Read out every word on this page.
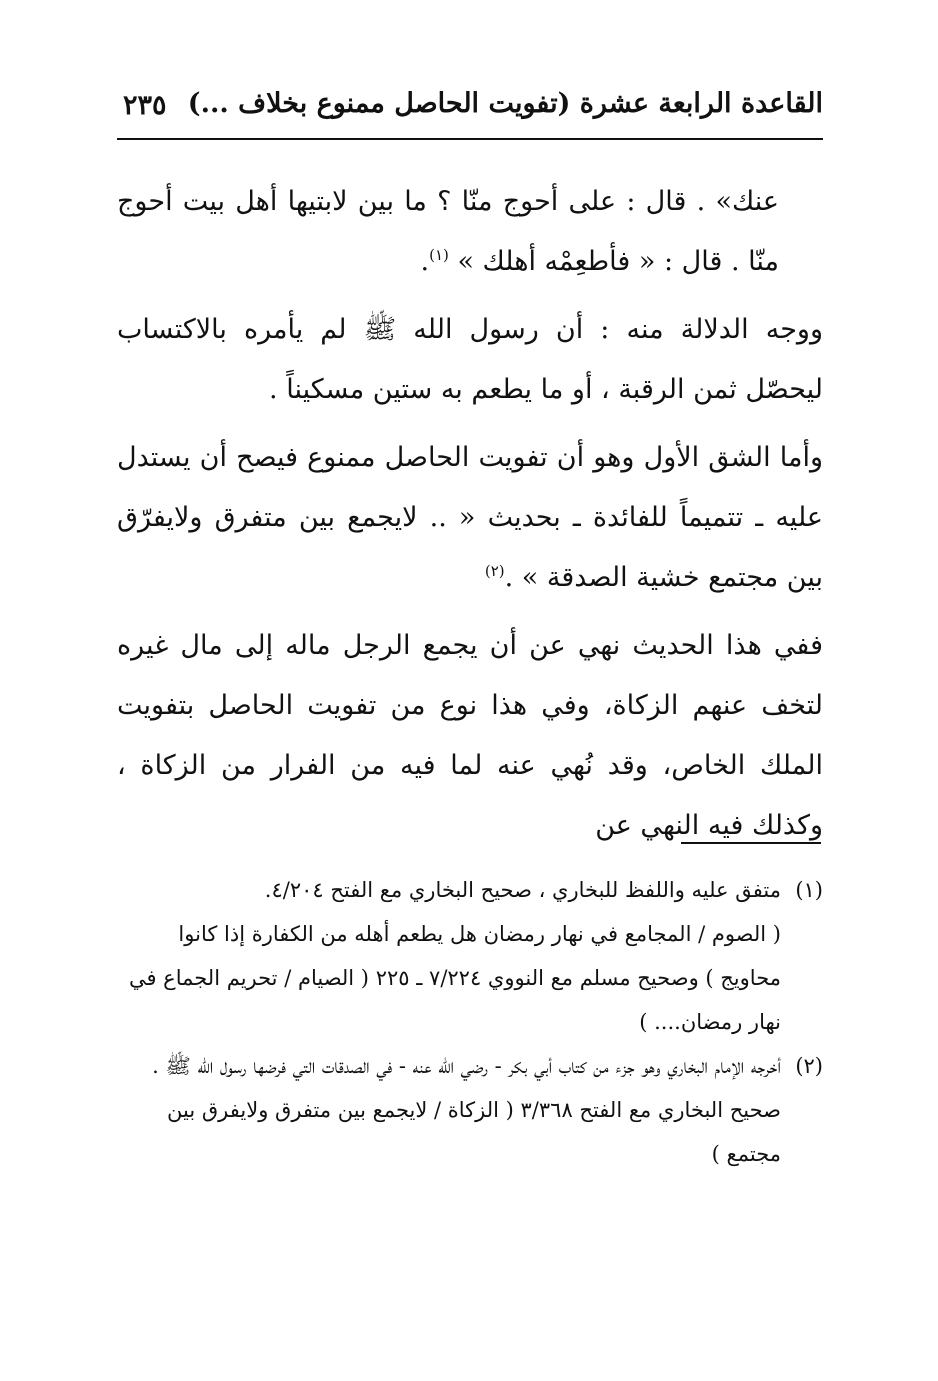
القاعدة الرابعة عشرة (تفويت الحاصل ممنوع بخلاف ...)
٢٣٥

عنك» . قال : على أحوج منّا ؟ ما بين لابتيها أهل بيت أحوج منّا . قال : « فأطعِمْه أهلك » $^{(١)}$.

ووجه الدلالة منه : أن رسول الله ﷺ لم يأمره بالاكتساب ليحصّل ثمن الرقبة ، أو ما يطعم به ستين مسكيناً .

وأما الشق الأول وهو أن تفويت الحاصل ممنوع فيصح أن يستدل عليه ـ تتميماً للفائدة ـ بحديث « .. لايجمع بين متفرق ولايفرّق بين مجتمع خشية الصدقة » .$^{(٢)}$

ففي هذا الحديث نهي عن أن يجمع الرجل ماله إلى مال غيره لتخف عنهم الزكاة، وفي هذا نوع من تفويت الحاصل بتفويت الملك الخاص، وقد نُهي عنه لما فيه من الفرار من الزكاة ، وكذلك فيه النهي عن

(١)

متفق عليه واللفظ للبخاري ، صحيح البخاري مع الفتح ٤/٢٠٤.

( الصوم / المجامع في نهار رمضان هل يطعم أهله من الكفارة إذا كانوا محاويج ) وصحيح مسلم مع النووي ٧/٢٢٤ ـ ٢٢٥ ( الصيام / تحريم الجماع في نهار رمضان.... )

(٢)

أخرجه الإمام البخاري وهو جزء من كتاب أبي بكر - رضي الله عنه - في الصدقات التي فرضها رسول الله ﷺ .

صحيح البخاري مع الفتح ٣/٣٦٨ ( الزكاة / لايجمع بين متفرق ولايفرق بين مجتمع )
